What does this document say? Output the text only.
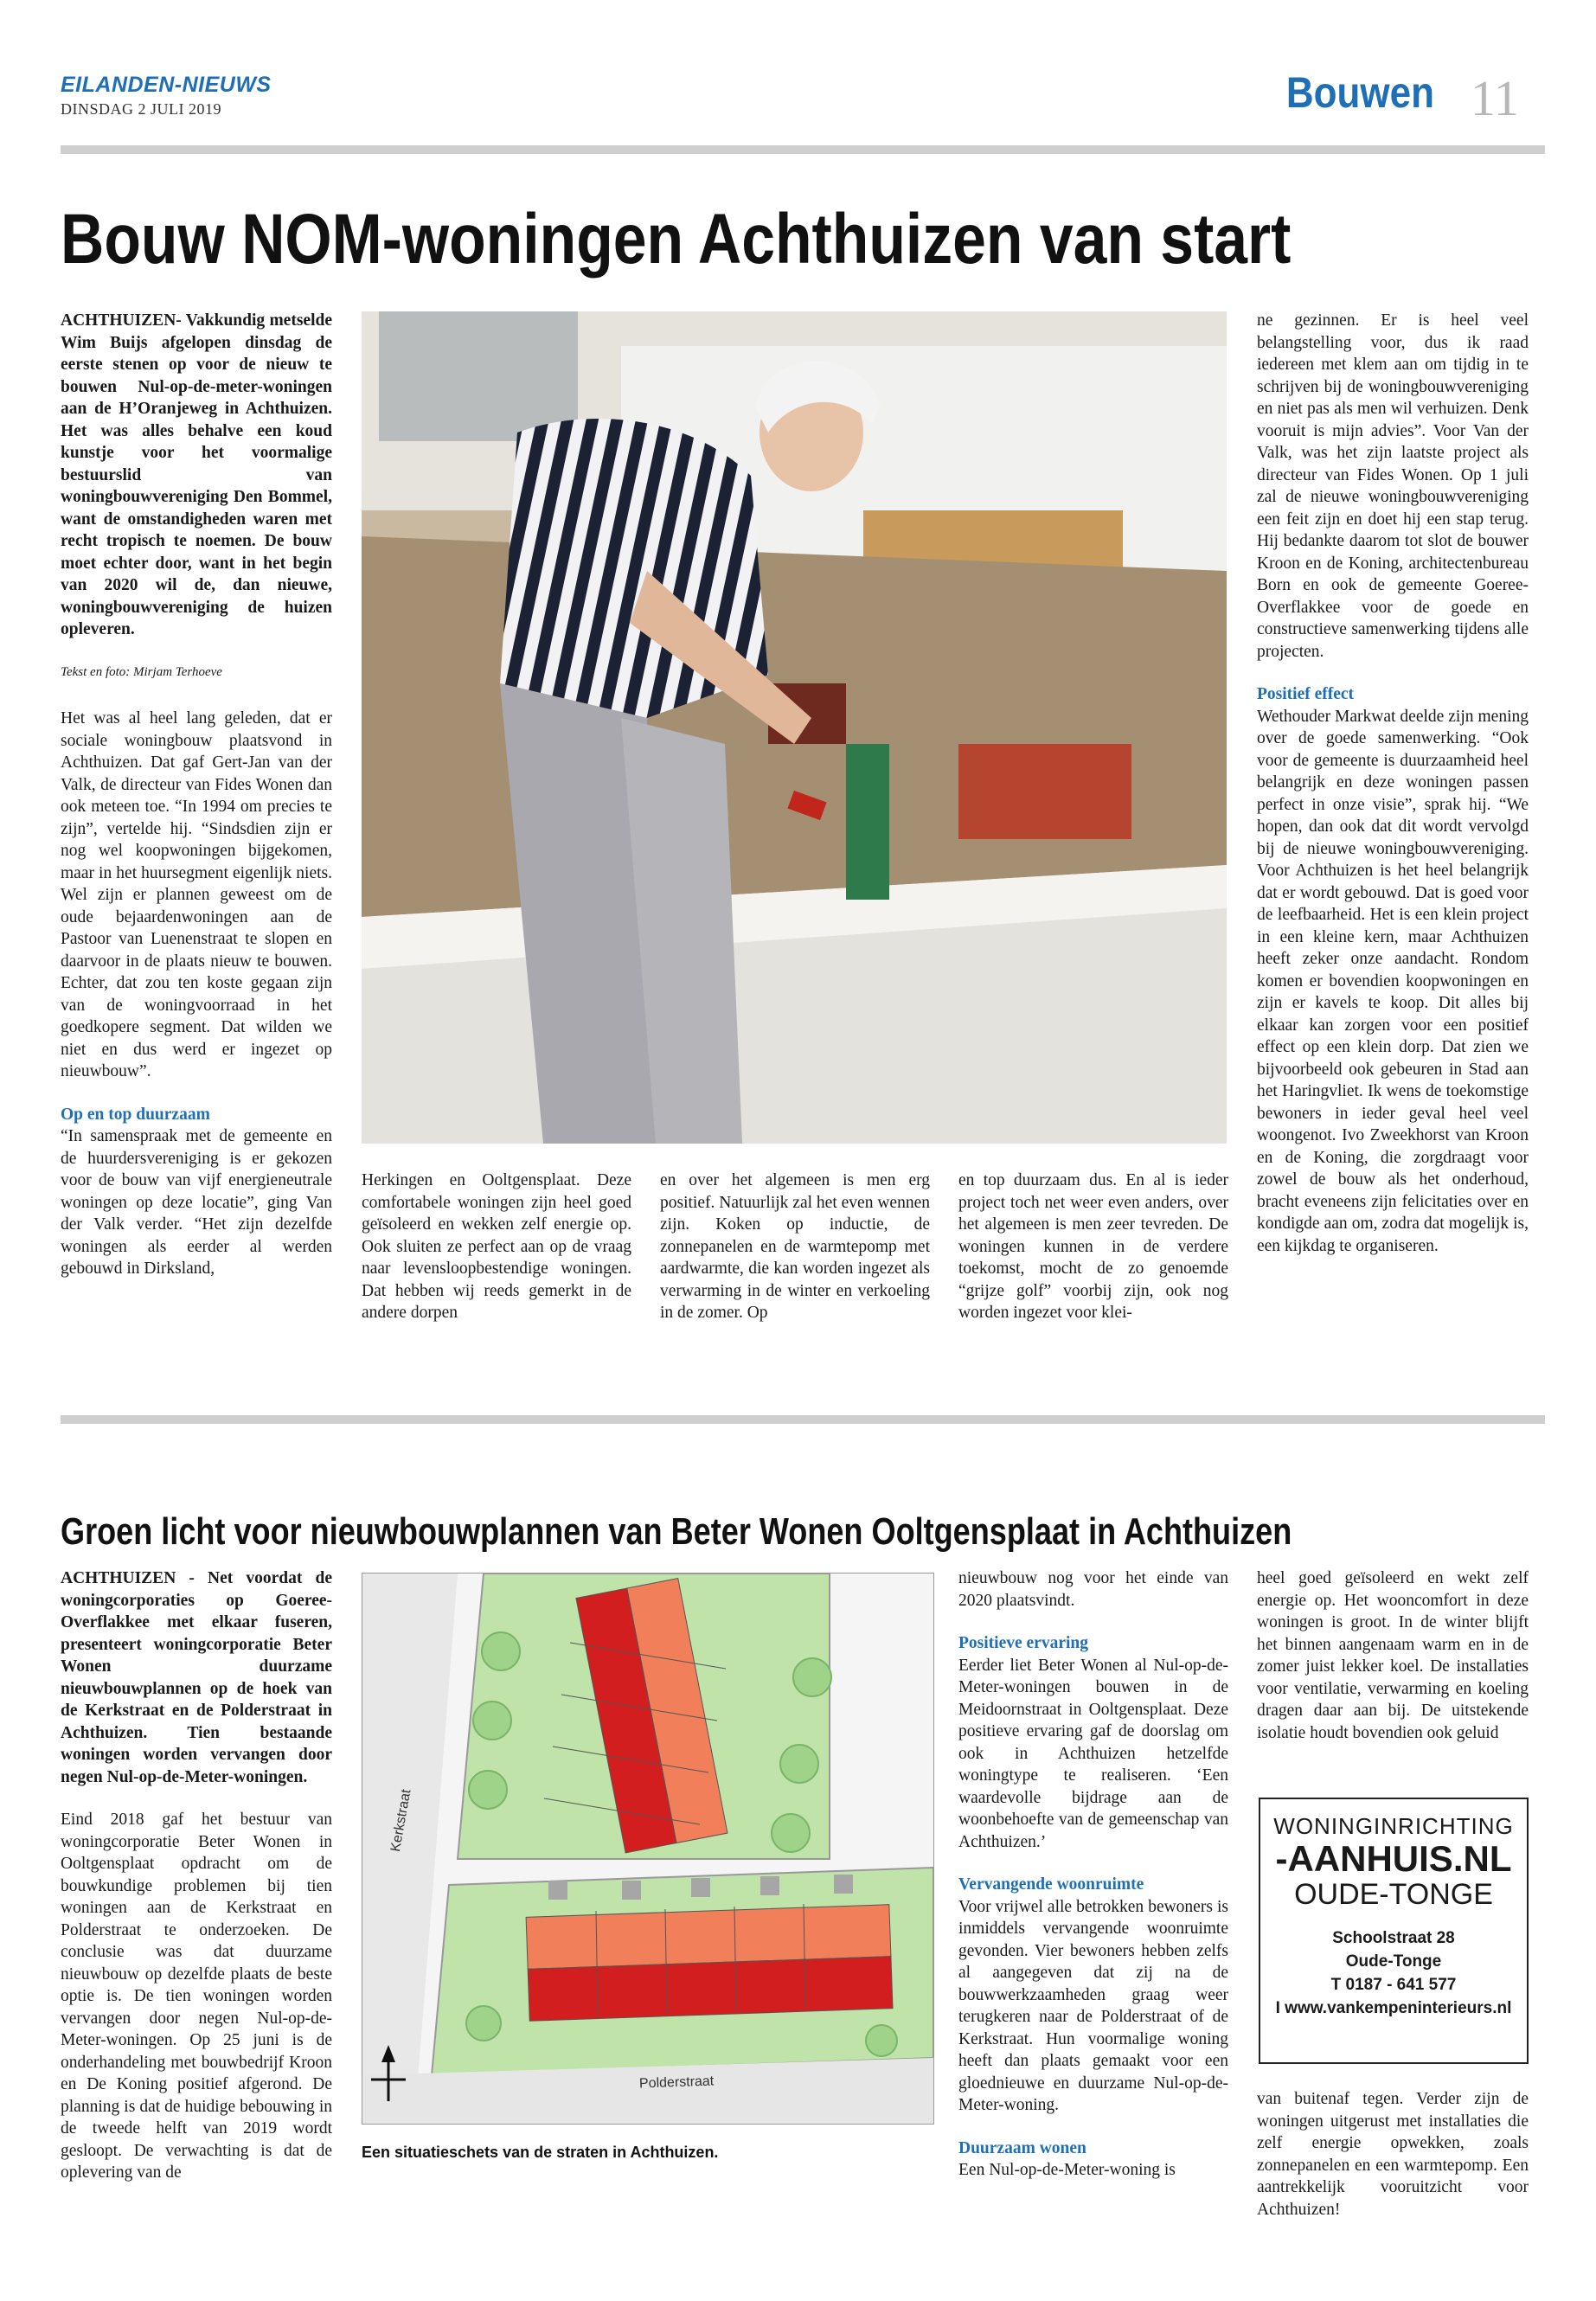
EILANDEN-NIEUWS
DINSDAG 2 JULI 2019	Bouwen 11
Bouw NOM-woningen Achthuizen van start

ACHTHUIZEN- Vakkundig metselde Wim Buijs afgelopen dinsdag de eerste stenen op voor de nieuw te bouwen Nul-op-de-meter-woningen aan de H’Oranjeweg in Achthuizen. Het was alles behalve een koud kunstje voor het voormalige bestuurslid van woningbouwvereniging Den Bommel, want de omstandigheden waren met recht tropisch te noemen. De bouw moet echter door, want in het begin van 2020 wil de, dan nieuwe, woningbouwvereniging de huizen opleveren.

Tekst en foto: Mirjam Terhoeve

Het was al heel lang geleden, dat er sociale woningbouw plaatsvond in Achthuizen. Dat gaf Gert-Jan van der Valk, de directeur van Fides Wonen dan ook meteen toe. “In 1994 om precies te zijn”, vertelde hij. “Sindsdien zijn er nog wel koopwoningen bijgekomen, maar in het huursegment eigenlijk niets. Wel zijn er plannen geweest om de oude bejaardenwoningen aan de Pastoor van Luenenstraat te slopen en daarvoor in de plaats nieuw te bouwen. Echter, dat zou ten koste gegaan zijn van de woningvoorraad in het goedkopere segment. Dat wilden we niet en dus werd er ingezet op nieuwbouw”.

Op en top duurzaam

“In samenspraak met de gemeente en de huurdersvereniging is er gekozen voor de bouw van vijf energieneutrale woningen op deze locatie”, ging Van der Valk verder. “Het zijn dezelfde woningen als eerder al werden gebouwd in Dirksland,

Herkingen en Ooltgensplaat. Deze comfortabele woningen zijn heel goed geïsoleerd en wekken zelf energie op. Ook sluiten ze perfect aan op de vraag naar levensloopbestendige woningen. Dat hebben wij reeds gemerkt in de andere dorpen

en over het algemeen is men erg positief. Natuurlijk zal het even wennen zijn. Koken op inductie, de zonnepanelen en de warmtepomp met aardwarmte, die kan worden ingezet als verwarming in de winter en verkoeling in de zomer. Op

en top duurzaam dus. En al is ieder project toch net weer even anders, over het algemeen is men zeer tevreden. De woningen kunnen in de verdere toekomst, mocht de zo genoemde “grijze golf” voorbij zijn, ook nog worden ingezet voor klei-

ne gezinnen. Er is heel veel belangstelling voor, dus ik raad iedereen met klem aan om tijdig in te schrijven bij de woningbouwvereniging en niet pas als men wil verhuizen. Denk vooruit is mijn advies”. Voor Van der Valk, was het zijn laatste project als directeur van Fides Wonen. Op 1 juli zal de nieuwe woningbouwvereniging een feit zijn en doet hij een stap terug. Hij bedankte daarom tot slot de bouwer Kroon en de Koning, architectenbureau Born en ook de gemeente Goeree-Overflakkee voor de goede en constructieve samenwerking tijdens alle projecten.

Positief effect

Wethouder Markwat deelde zijn mening over de goede samenwerking. “Ook voor de gemeente is duurzaamheid heel belangrijk en deze woningen passen perfect in onze visie”, sprak hij. “We hopen, dan ook dat dit wordt vervolgd bij de nieuwe woningbouwvereniging. Voor Achthuizen is het heel belangrijk dat er wordt gebouwd. Dat is goed voor de leefbaarheid. Het is een klein project in een kleine kern, maar Achthuizen heeft zeker onze aandacht. Rondom komen er bovendien koopwoningen en zijn er kavels te koop. Dit alles bij elkaar kan zorgen voor een positief effect op een klein dorp. Dat zien we bijvoorbeeld ook gebeuren in Stad aan het Haringvliet. Ik wens de toekomstige bewoners in ieder geval heel veel woongenot. Ivo Zweekhorst van Kroon en de Koning, die zorgdraagt voor zowel de bouw als het onderhoud, bracht eveneens zijn felicitaties over en kondigde aan om, zodra dat mogelijk is, een kijkdag te organiseren.

Groen licht voor nieuwbouwplannen van Beter Wonen Ooltgensplaat in Achthuizen

ACHTHUIZEN - Net voordat de woningcorporaties op Goeree-Overflakkee met elkaar fuseren, presenteert woningcorporatie Beter Wonen duurzame nieuwbouwplannen op de hoek van de Kerkstraat en de Polderstraat in Achthuizen. Tien bestaande woningen worden vervangen door negen Nul-op-de-Meter-woningen.

Eind 2018 gaf het bestuur van woningcorporatie Beter Wonen in Ooltgensplaat opdracht om de bouwkundige problemen bij tien woningen aan de Kerkstraat en Polderstraat te onderzoeken. De conclusie was dat duurzame nieuwbouw op dezelfde plaats de beste optie is. De tien woningen worden vervangen door negen Nul-op-de-Meter-woningen. Op 25 juni is de onderhandeling met bouwbedrijf Kroon en De Koning positief afgerond. De planning is dat de huidige bebouwing in de tweede helft van 2019 wordt gesloopt. De verwachting is dat de oplevering van de

Kerkstraat
Polderstraat
Een situatieschets van de straten in Achthuizen.

nieuwbouw nog voor het einde van 2020 plaatsvindt.

Positieve ervaring

Eerder liet Beter Wonen al Nul-op-de-Meter-woningen bouwen in de Meidoornstraat in Ooltgensplaat. Deze positieve ervaring gaf de doorslag om ook in Achthuizen hetzelfde woningtype te realiseren. ‘Een waardevolle bijdrage aan de woonbehoefte van de gemeenschap van Achthuizen.’

Vervangende woonruimte

Voor vrijwel alle betrokken bewoners is inmiddels vervangende woonruimte gevonden. Vier bewoners hebben zelfs al aangegeven dat zij na de bouwwerkzaamheden graag weer terugkeren naar de Polderstraat of de Kerkstraat. Hun voormalige woning heeft dan plaats gemaakt voor een gloednieuwe en duurzame Nul-op-de-Meter-woning.

Duurzaam wonen

Een Nul-op-de-Meter-woning is

heel goed geïsoleerd en wekt zelf energie op. Het wooncomfort in deze woningen is groot. In de winter blijft het binnen aangenaam warm en in de zomer juist lekker koel. De installaties voor ventilatie, verwarming en koeling dragen daar aan bij. De uitstekende isolatie houdt bovendien ook geluid

WONINGINRICHTING
-AANHUIS.NL
OUDE-TONGE
Schoolstraat 28
Oude-Tonge
T 0187 - 641 577
I www.vankempeninterieurs.nl

van buitenaf tegen. Verder zijn de woningen uitgerust met installaties die zelf energie opwekken, zoals zonnepanelen en een warmtepomp. Een aantrekkelijk vooruitzicht voor Achthuizen!
